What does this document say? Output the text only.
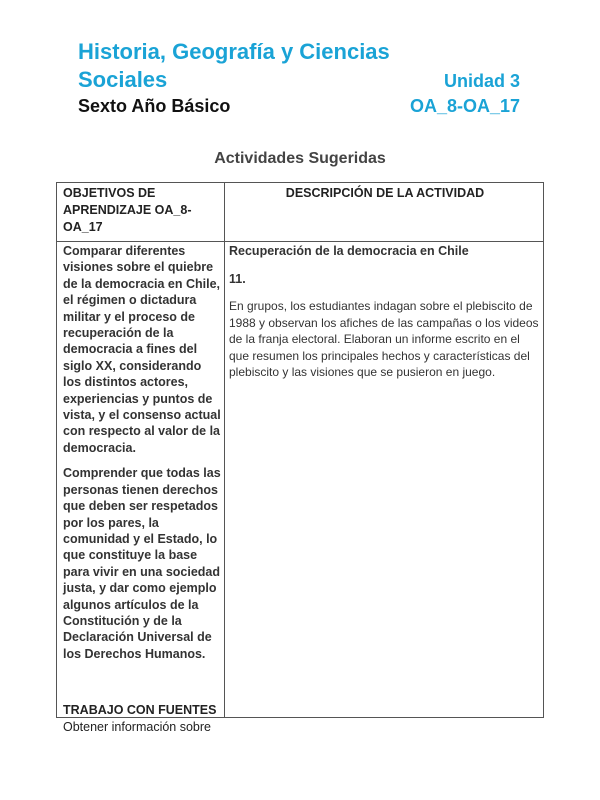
Historia, Geografía y Ciencias
Sociales	Unidad 3
Sexto Año Básico	OA_8-OA_17
Actividades Sugeridas
OBJETIVOS DE APRENDIZAJE OA_8-OA_17
DESCRIPCIÓN DE LA ACTIVIDAD

Comparar diferentes visiones sobre el quiebre de la democracia en Chile, el régimen o dictadura militar y el proceso de recuperación de la democracia a fines del siglo XX, considerando los distintos actores, experiencias y puntos de vista, y el consenso actual con respecto al valor de la democracia.

Comprender que todas las personas tienen derechos que deben ser respetados por los pares, la comunidad y el Estado, lo que constituye la base para vivir en una sociedad justa, y dar como ejemplo algunos artículos de la Constitución y de la Declaración Universal de los Derechos Humanos.

TRABAJO CON FUENTES
Obtener información sobre
Recuperación de la democracia en Chile
11.
En grupos, los estudiantes indagan sobre el plebiscito de 1988 y observan los afiches de las campañas o los videos de la franja electoral. Elaboran un informe escrito en el que resumen los principales hechos y características del plebiscito y las visiones que se pusieron en juego.
